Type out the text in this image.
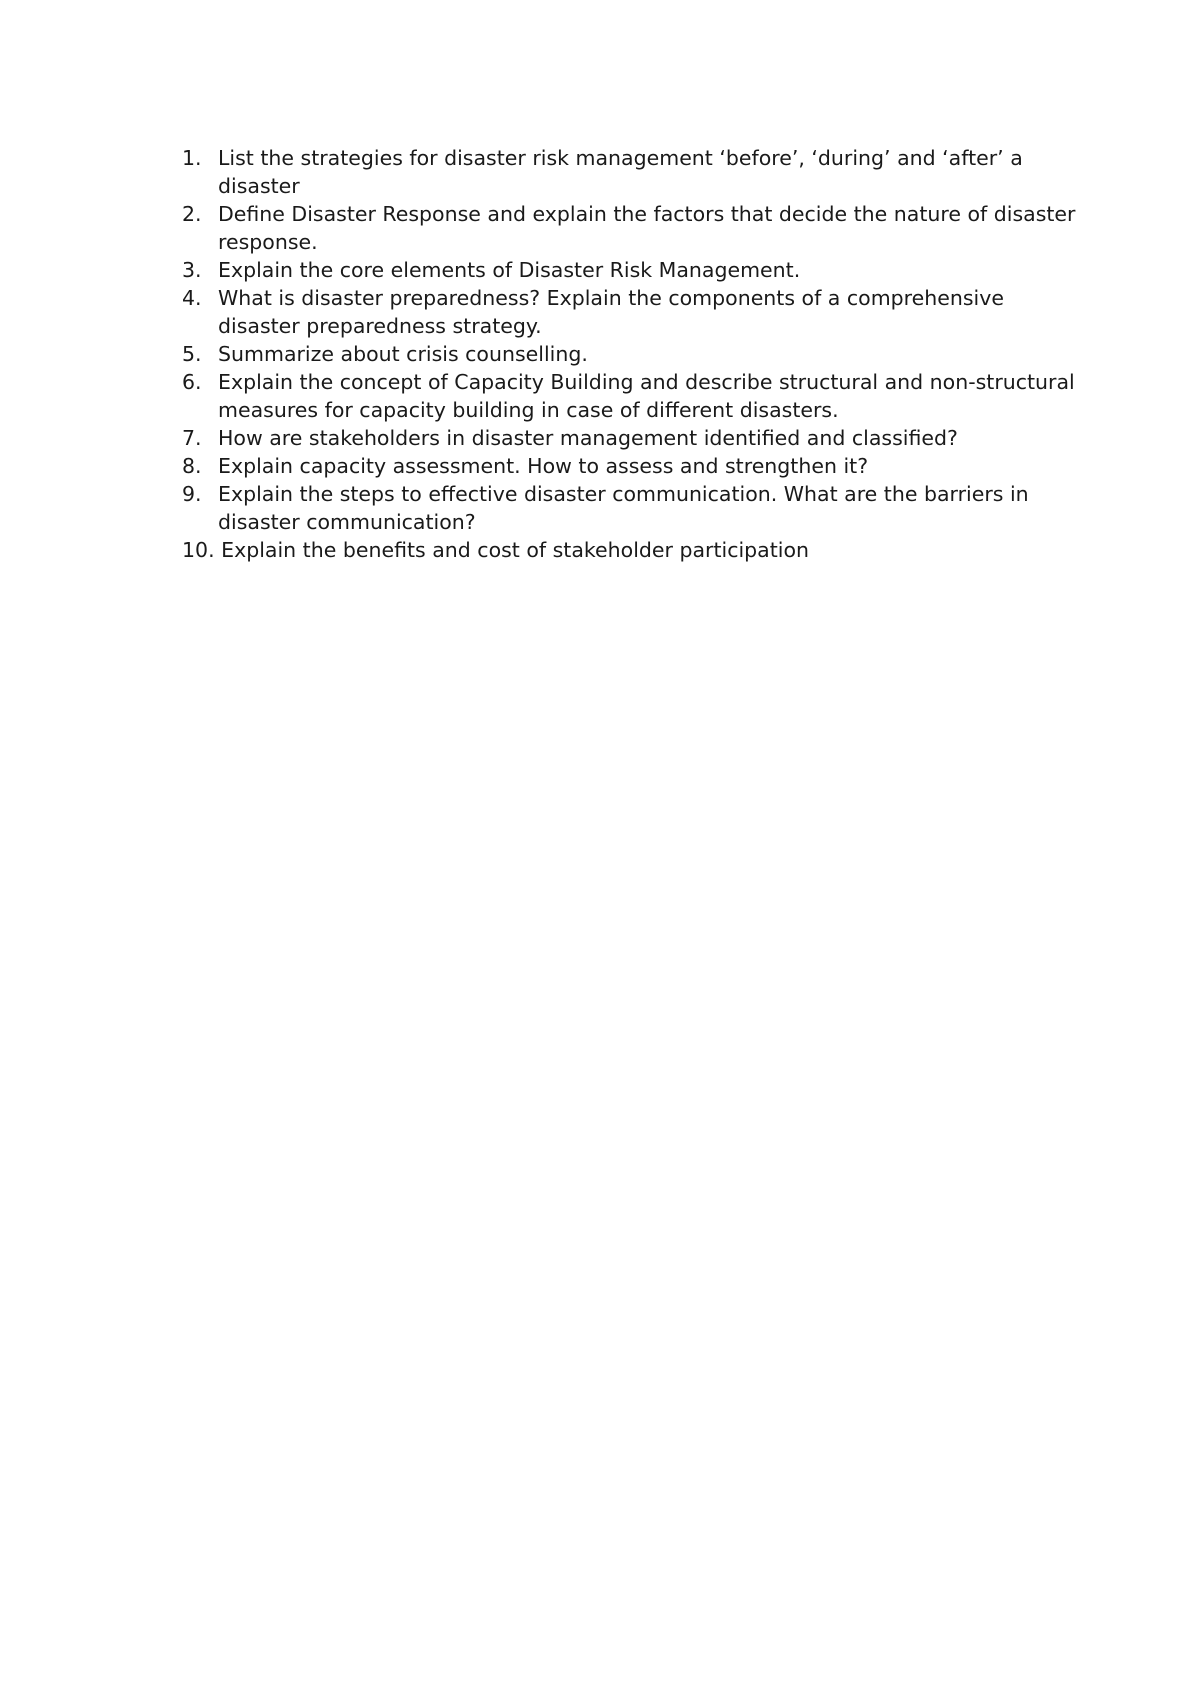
1. List the strategies for disaster risk management ‘before’, ‘during’ and ‘after’ a disaster
2. Define Disaster Response and explain the factors that decide the nature of disaster response.
3. Explain the core elements of Disaster Risk Management.
4. What is disaster preparedness? Explain the components of a comprehensive disaster preparedness strategy.
5. Summarize about crisis counselling.
6. Explain the concept of Capacity Building and describe structural and non-structural measures for capacity building in case of different disasters.
7. How are stakeholders in disaster management identified and classified?
8. Explain capacity assessment. How to assess and strengthen it?
9. Explain the steps to effective disaster communication. What are the barriers in disaster communication?
10. Explain the benefits and cost of stakeholder participation
